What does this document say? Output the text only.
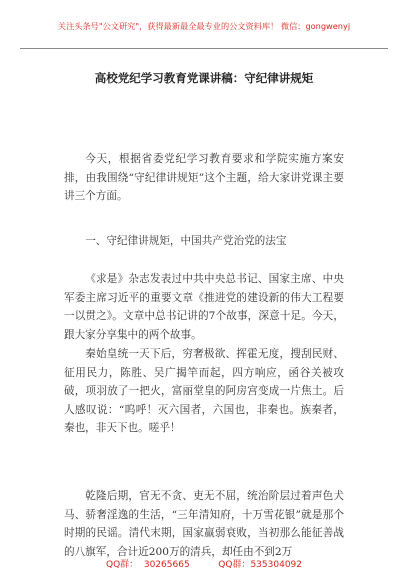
关注头条号"公文研究"，获得最新最全最专业的公文资料库！ 微信：gongwenyj
高校党纪学习教育党课讲稿：守纪律讲规矩

今天，根据省委党纪学习教育要求和学院实施方案安排，由我围绕“守纪律讲规矩”这个主题，给大家讲党课主要讲三个方面。

一、守纪律讲规矩，中国共产党治党的法宝

《求是》杂志发表过中共中央总书记、国家主席、中央军委主席习近平的重要文章《推进党的建设新的伟大工程要一以贯之》。文章中总书记讲的7个故事，深意十足。今天，跟大家分享集中的两个故事。

秦始皇统一天下后，穷奢极欲、挥霍无度，搜刮民财、征用民力，陈胜、吴广揭竿而起，四方响应，函谷关被攻破，项羽放了一把火，富丽堂皇的阿房宫变成一片焦土。后人感叹说：“呜呼！灭六国者，六国也，非秦也。族秦者，秦也，非天下也。嗟乎！

乾隆后期，官无不贪、吏无不屈，统治阶层过着声色犬马、骄奢淫逸的生活，“三年清知府，十万雪花银”就是那个时期的民谣。清代末期，国家羸弱衰败，当初那么能征善战的八旗军，合计近200万的清兵，却任由不到2万

QQ群：  30265665          QQ群：535304092
